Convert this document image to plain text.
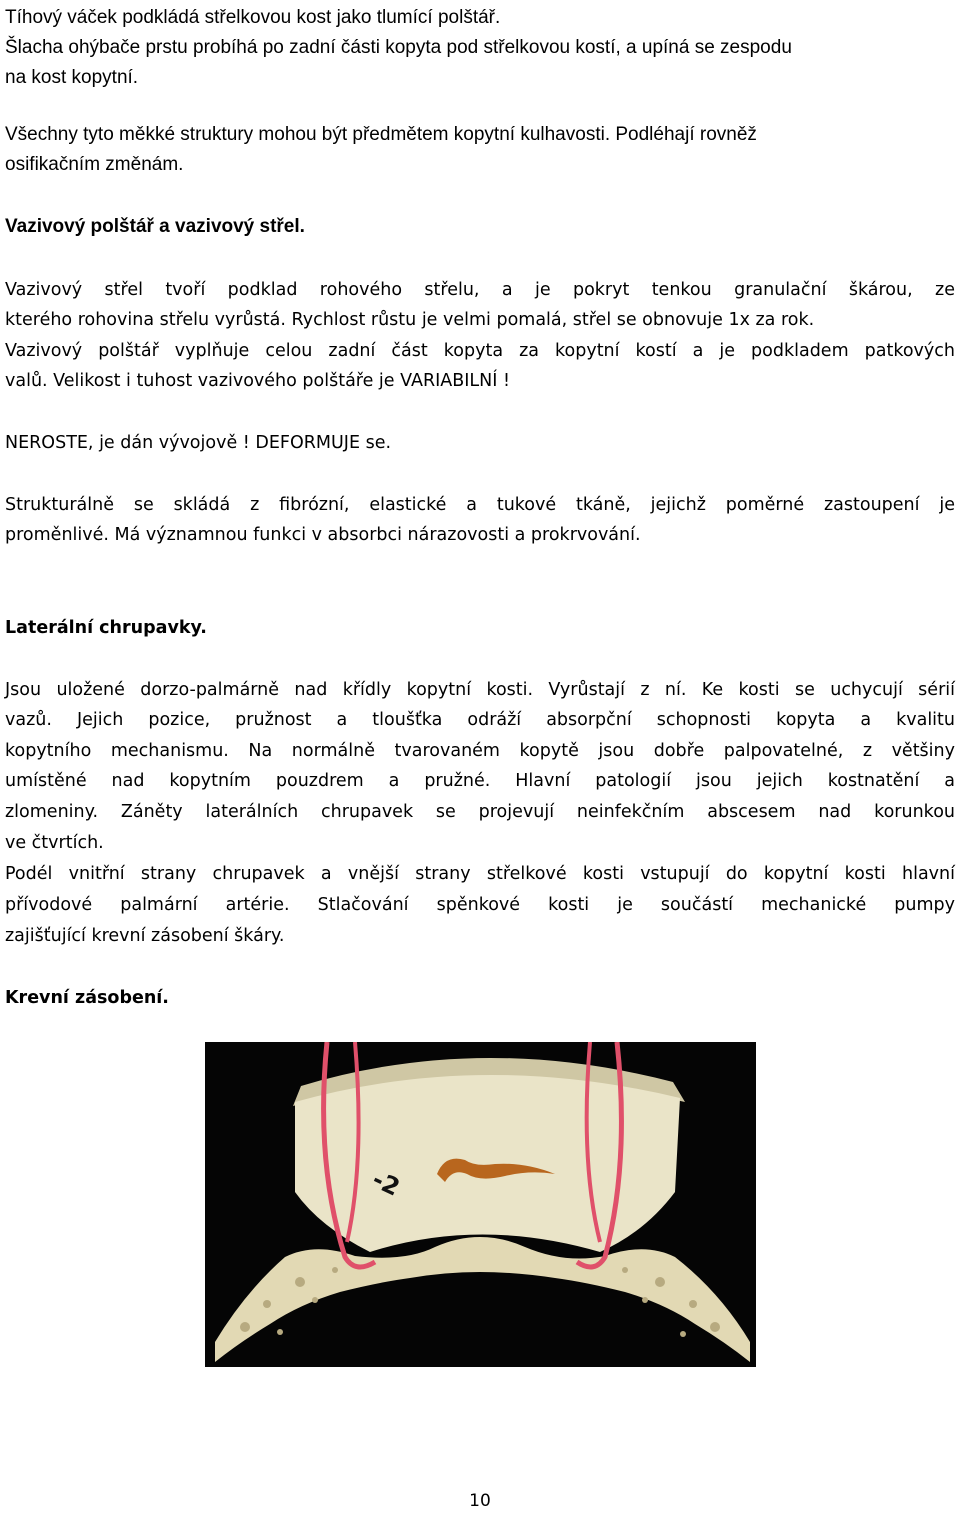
Tíhový váček podkládá střelkovou kost jako tlumící polštář.

Šlacha ohýbače prstu probíhá po zadní části kopyta pod střelkovou kostí, a upíná se zespodu

na kost kopytní.

Všechny tyto měkké struktury mohou být předmětem kopytní kulhavosti. Podléhají rovněž

osifikačním změnám.

Vazivový polštář a vazivový střel.

Vazivový střel tvoří podklad rohového střelu, a je pokryt tenkou granulační škárou, ze

kterého rohovina střelu vyrůstá. Rychlost růstu je velmi pomalá, střel se obnovuje 1x za rok.

Vazivový polštář vyplňuje celou zadní část kopyta za kopytní kostí a je podkladem patkových

valů. Velikost i tuhost vazivového polštáře je VARIABILNÍ !

NEROSTE, je dán vývojově ! DEFORMUJE se.

Strukturálně se skládá z fibrózní, elastické a tukové tkáně, jejichž poměrné zastoupení je

proměnlivé. Má významnou funkci v absorbci nárazovosti a prokrvování.

Laterální chrupavky.

Jsou uložené dorzo-palmárně nad křídly kopytní kosti. Vyrůstají z ní. Ke kosti se uchycují sérií

vazů. Jejich pozice, pružnost a tloušťka odráží absorpční schopnosti kopyta a kvalitu

kopytního mechanismu. Na normálně tvarovaném kopytě jsou dobře palpovatelné, z většiny

umístěné nad kopytním pouzdrem a pružné. Hlavní patologií jsou jejich kostnatění a

zlomeniny. Záněty laterálních chrupavek se projevují neinfekčním abscesem nad korunkou

ve čtvrtích.

Podél vnitřní strany chrupavek a vnější strany střelkové kosti vstupují do kopytní kosti hlavní

přívodové palmární artérie. Stlačování spěnkové kosti je součástí mechanické pumpy

zajišťující krevní zásobení škáry.

Krevní zásobení.

-2

10
